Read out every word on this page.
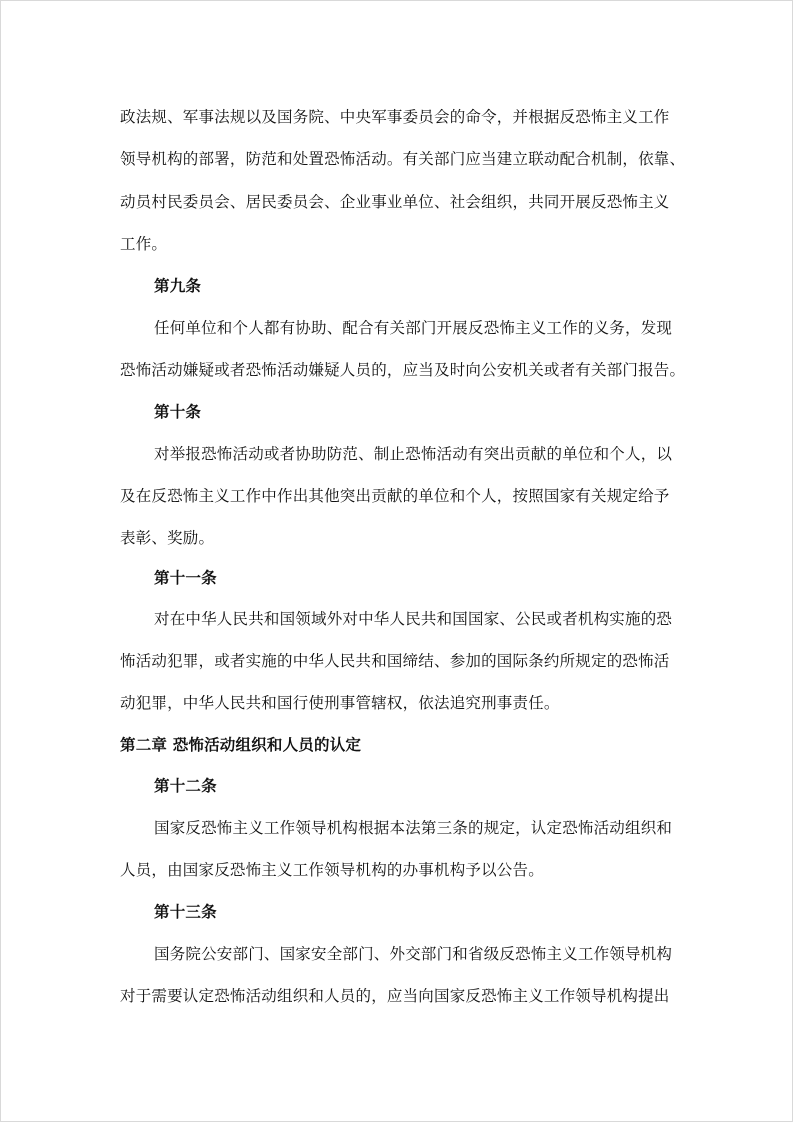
政法规、军事法规以及国务院、中央军事委员会的命令，并根据反恐怖主义工作
领导机构的部署，防范和处置恐怖活动。有关部门应当建立联动配合机制，依靠、
动员村民委员会、居民委员会、企业事业单位、社会组织，共同开展反恐怖主义
工作。
第九条
任何单位和个人都有协助、配合有关部门开展反恐怖主义工作的义务，发现
恐怖活动嫌疑或者恐怖活动嫌疑人员的，应当及时向公安机关或者有关部门报告。
第十条
对举报恐怖活动或者协助防范、制止恐怖活动有突出贡献的单位和个人，以
及在反恐怖主义工作中作出其他突出贡献的单位和个人，按照国家有关规定给予
表彰、奖励。
第十一条
对在中华人民共和国领域外对中华人民共和国国家、公民或者机构实施的恐
怖活动犯罪，或者实施的中华人民共和国缔结、参加的国际条约所规定的恐怖活
动犯罪，中华人民共和国行使刑事管辖权，依法追究刑事责任。
第二章 恐怖活动组织和人员的认定
第十二条
国家反恐怖主义工作领导机构根据本法第三条的规定，认定恐怖活动组织和
人员，由国家反恐怖主义工作领导机构的办事机构予以公告。
第十三条
国务院公安部门、国家安全部门、外交部门和省级反恐怖主义工作领导机构
对于需要认定恐怖活动组织和人员的，应当向国家反恐怖主义工作领导机构提出
